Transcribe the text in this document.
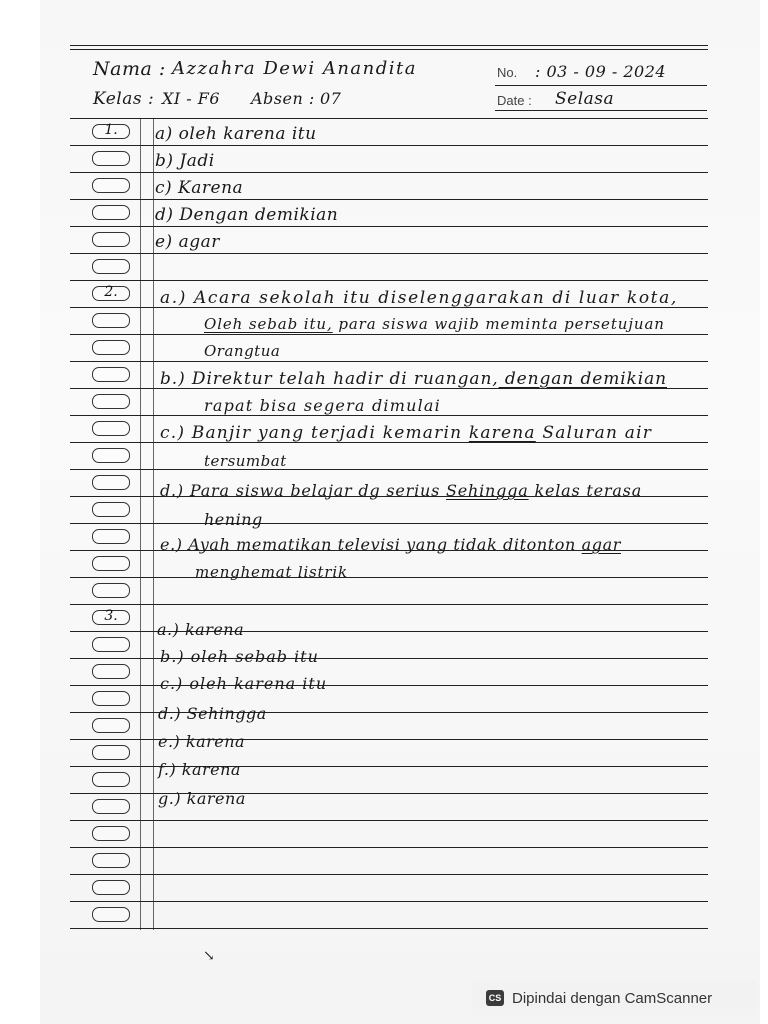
Nama : Azzahra Dewi Anandita	No. : 03 - 09 - 2024
Kelas : XI - F6 Absen : 07	Date : Selasa
1.
2.
3.
a) oleh karena itu
b) Jadi
c) Karena
d) Dengan demikian
e) agar
a.) Acara sekolah itu diselenggarakan di luar kota,
Oleh sebab itu, para siswa wajib meminta persetujuan
Orangtua
b.) Direktur telah hadir di ruangan, dengan demikian
rapat bisa segera dimulai
c.) Banjir yang terjadi kemarin karena Saluran air
tersumbat
d.) Para siswa belajar dg serius Sehingga kelas terasa
hening
e.) Ayah mematikan televisi yang tidak ditonton agar
menghemat listrik
a.) karena
b.) oleh sebab itu
c.) oleh karena itu
d.) Sehingga
e.) karena
f.) karena
g.) karena
↘
CS Dipindai dengan CamScanner
